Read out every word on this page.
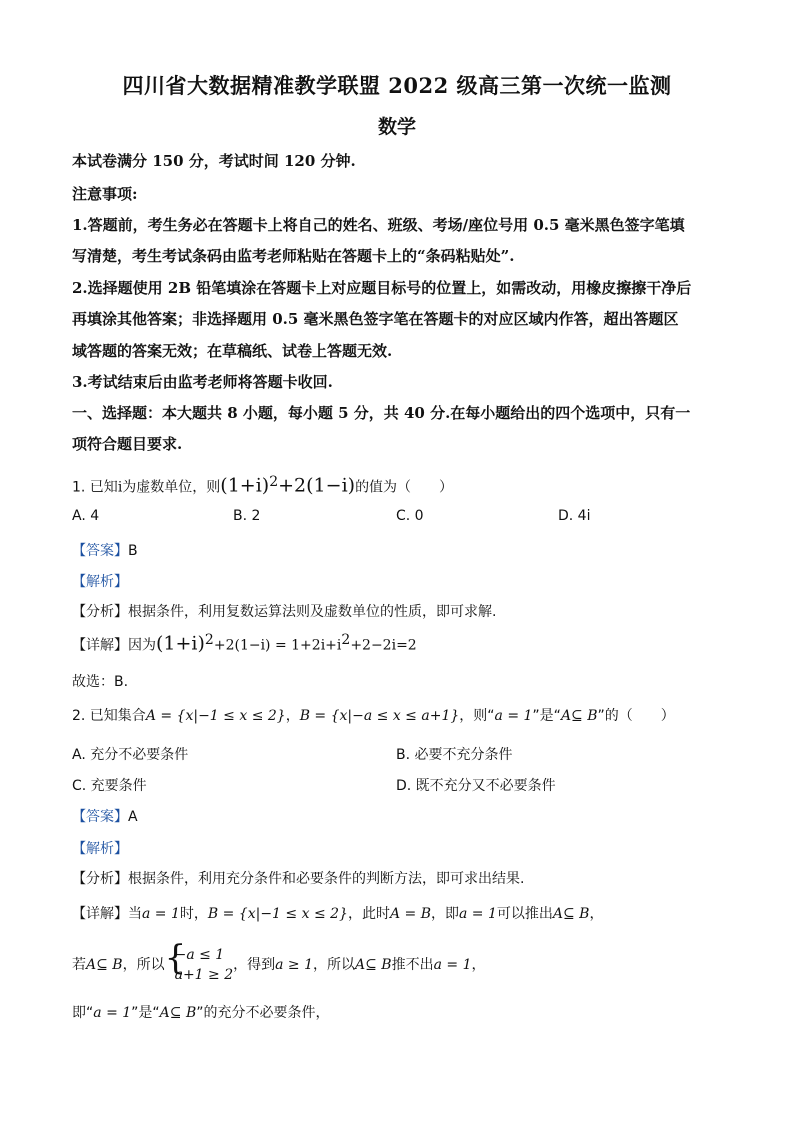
四川省大数据精准教学联盟 2022 级高三第一次统一监测
数学
本试卷满分 150 分，考试时间 120 分钟.
注意事项:
1.答题前，考生务必在答题卡上将自己的姓名、班级、考场/座位号用 0.5 毫米黑色签字笔填
写清楚，考生考试条码由监考老师粘贴在答题卡上的“条码粘贴处”.
2.选择题使用 2B 铅笔填涂在答题卡上对应题目标号的位置上，如需改动，用橡皮擦擦干净后
再填涂其他答案；非选择题用 0.5 毫米黑色签字笔在答题卡的对应区域内作答，超出答题区
域答题的答案无效；在草稿纸、试卷上答题无效.
3.考试结束后由监考老师将答题卡收回.
一、选择题：本大题共 8 小题，每小题 5 分，共 40 分.在每小题给出的四个选项中，只有一
项符合题目要求.
1. 已知i为虚数单位，则$(1+i)^2+2(1-i)$的值为（　　）
A. 4	B. 2	C. 0	D. 4i
【答案】B
【解析】
【分析】根据条件，利用复数运算法则及虚数单位的性质，即可求解.
【详解】因为$(1+i)^2+2(1-i) = 1+2i+i^2+2-2i=2$
故选：B.
2. 已知集合A = {x|−1 ≤ x ≤ 2}，B = {x|−a ≤ x ≤ a+1}，则“a = 1”是“A⊆ B”的（　　）
A. 充分不必要条件	B. 必要不充分条件
C. 充要条件	D. 既不充分又不必要条件
【答案】A
【解析】
【分析】根据条件，利用充分条件和必要条件的判断方法，即可求出结果.
【详解】当a = 1时，B = {x|−1 ≤ x ≤ 2}，此时A = B，即a = 1可以推出A⊆ B，
若A⊆ B，所以 {
−a ≤ 1
a+1 ≥ 2
，得到a ≥ 1，所以A⊆ B推不出a = 1，
即“a = 1”是“A⊆ B”的充分不必要条件，
